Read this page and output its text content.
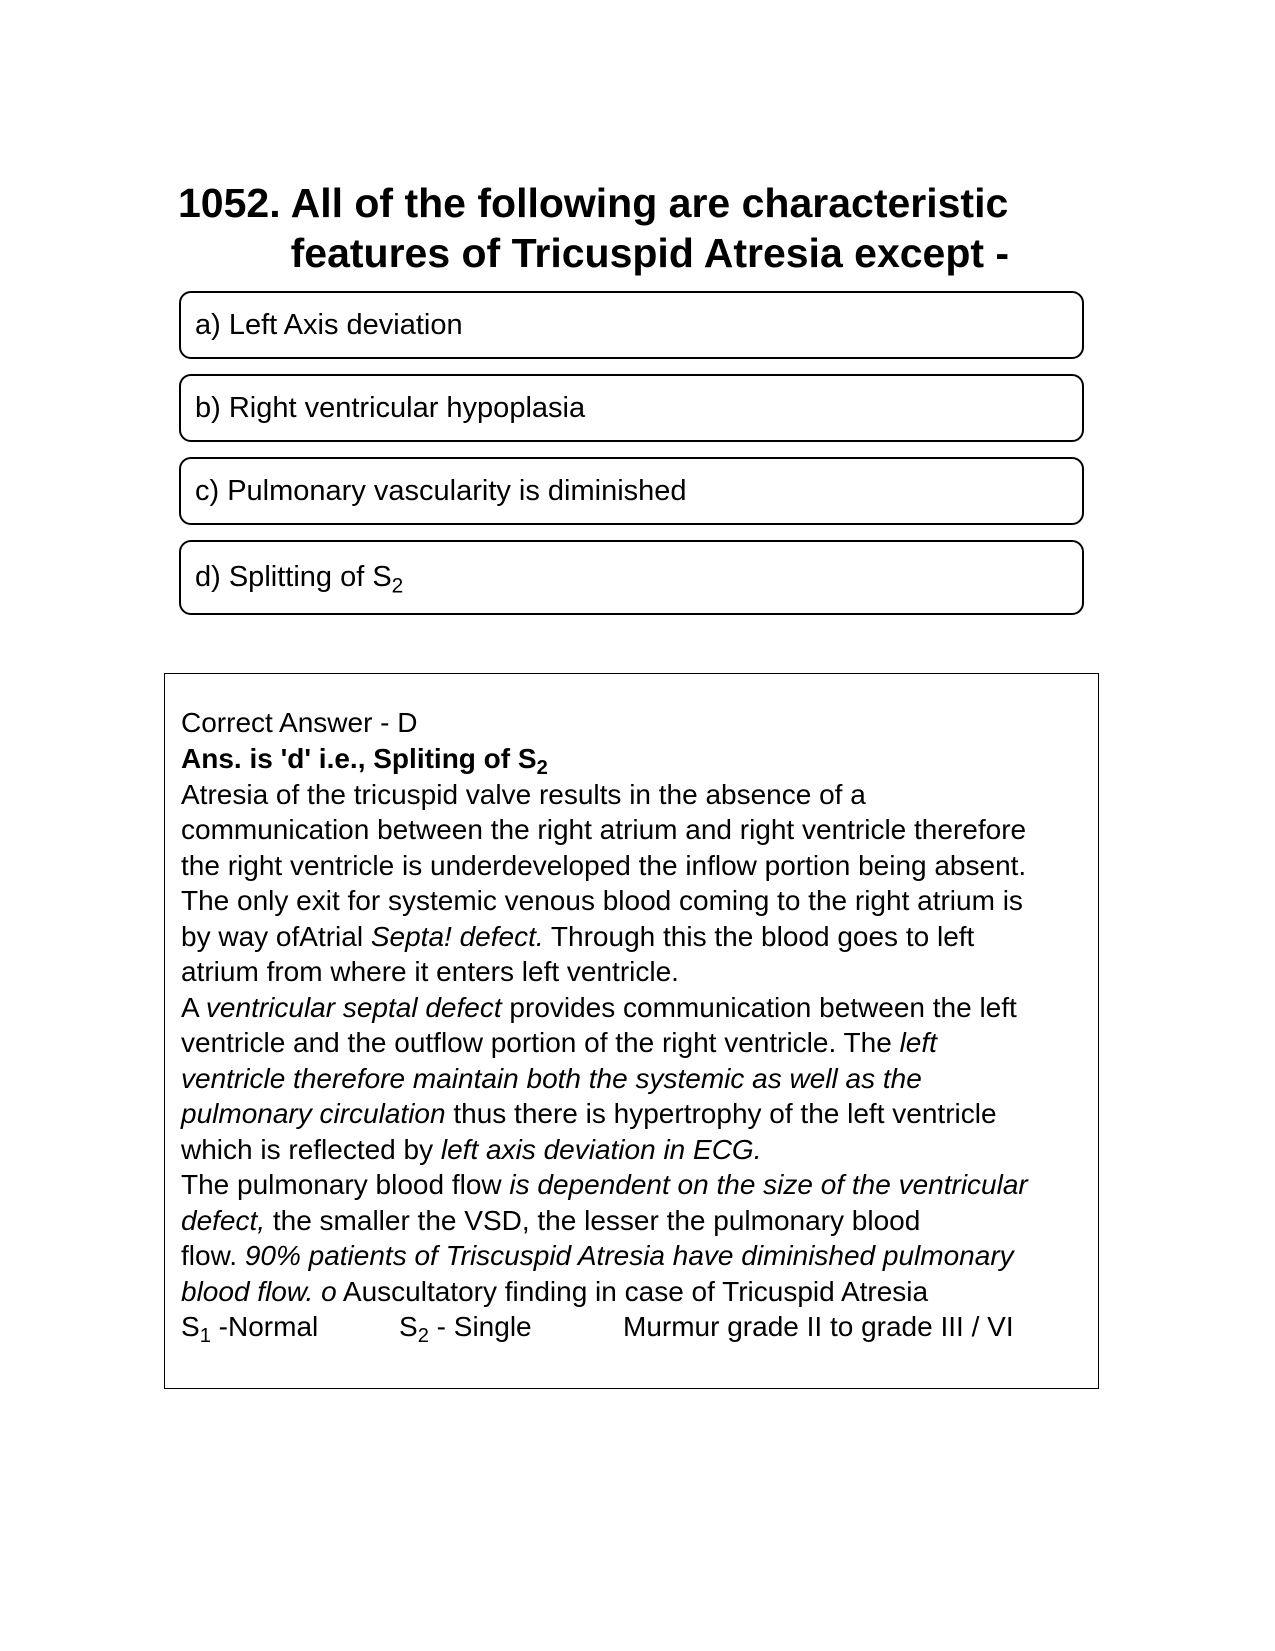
1052. All of the following are characteristic features of Tricuspid Atresia except -
a) Left Axis deviation
b) Right ventricular hypoplasia
c) Pulmonary vascularity is diminished
d) Splitting of $S_2$
Correct Answer - D
Ans. is 'd' i.e., Spliting of $S_2$
Atresia of the tricuspid valve results in the absence of a
communication between the right atrium and right ventricle therefore
the right ventricle is underdeveloped the inflow portion being absent.
The only exit for systemic venous blood coming to the right atrium is
by way ofAtrial Septa! defect. Through this the blood goes to left
atrium from where it enters left ventricle.
A ventricular septal defect provides communication between the left
ventricle and the outflow portion of the right ventricle. The left
ventricle therefore maintain both the systemic as well as the
pulmonary circulation thus there is hypertrophy of the left ventricle
which is reflected by left axis deviation in ECG.
The pulmonary blood flow is dependent on the size of the ventricular
defect, the smaller the VSD, the lesser the pulmonary blood
flow. 90% patients of Triscuspid Atresia have diminished pulmonary
blood flow. o Auscultatory finding in case of Tricuspid Atresia
$S_1$ -Normal	$S_2$ - Single	Murmur grade II to grade III / VI
